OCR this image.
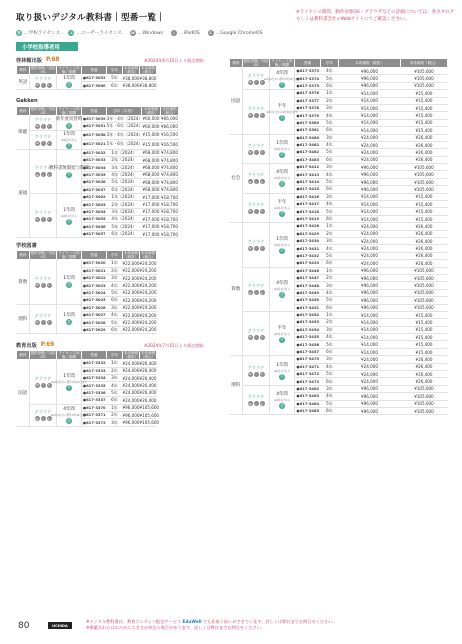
取り扱いデジタル教科書｜型番一覧｜
※ライセンス期間、動作対象OS・ブラウザなどの詳細については、各カタログもしくは教科書会社のWebサイトにてご確認ください。
学 …学校ライセンス	ユ …ユーザーライセンス	W …Windows	i …iPadOS	C …Google ChromeOS
小学校指導者用
啓林館出版 P.68	※2024年6月15日より販売開始
教科	提供形態／対応OS	ライセンス形態／期間	型番	学年	本体価格（税抜）	本体価格（税込）
英語	クラウド
W i C	1年間
学	●617-3052	5年	¥38,000	¥38,800
			●617-3060	6年	¥38,000	¥38,800
Gakken
教科	提供形態／対応OS	ライセンス形態／期間	型番	学年（年度）	本体価格（税抜）	本体価格（税込）
保健	クラウド
W i C	新年度切替時
学	●617-3039	3年・4年（2024）	¥60,000	¥66,000
			●617-3051	5年・6年（2024）	¥60,000	¥66,000

	クラウド
W i C	1年間
※4月1日から
学	●617-3058	3年・4年（2024）	¥15,000	¥16,500
			●617-3021	5年・6年（2024）	¥15,000	¥16,500
道徳	クラウド
W i C	教科書無償給与期間
学	●617-3032	1年（2024）	¥68,000	¥74,800
			●617-3033	2年（2024）	¥68,000	¥74,800
			●617-3034	3年（2024）	¥68,000	¥74,800
			●617-3035	4年（2024）	¥68,000	¥74,800
			●617-3036	5年（2024）	¥68,000	¥74,800
			●617-3037	6年（2024）	¥68,000	¥74,800

	クラウド
W i C	1年間
※4月1日から
学	●617-3002	1年（2024）	¥17,000	¥18,700
			●617-3003	2年（2024）	¥17,000	¥18,700
			●617-3054	3年（2024）	¥17,000	¥18,700
			●617-3055	4年（2024）	¥17,000	¥18,700
			●617-3056	5年（2024）	¥17,000	¥18,700
			●617-3057	6年（2024）	¥17,000	¥18,700
学校図書
教科	提供形態／対応OS	ライセンス形態／期間	型番	学年	本体価格（税抜）	本体価格（税込）
算数	クラウド
W i C	1年間
学	●617-3020	1年	¥22,000	¥24,200
			●617-3021	2年	¥22,000	¥24,200
			●617-3022	3年	¥22,000	¥24,200
			●617-3023	4年	¥22,000	¥24,200
			●617-3024	5年	¥22,000	¥24,200
			●617-3025	6年	¥22,000	¥24,200
理科	クラウド
W i C	1年間
学	●617-3026	3年	¥22,000	¥24,200
			●617-3027	4年	¥22,000	¥24,200
			●617-3028	5年	¥22,000	¥24,200
			●617-3029	6年	¥22,000	¥24,200
教育出版 P.69	※2024年7月15日より販売開始
教科	提供形態／対応OS	ライセンス形態／期間	型番	学年	本体価格（税抜）	本体価格（税込）
国語	クラウド
W i C	1年間
※4月1日から翌年3月31日まで
学	●617-3332	1年	¥24,000	¥26,400
			●617-3333	2年	¥24,000	¥26,400
			●617-3334	3年	¥24,000	¥26,400
			●617-3335	4年	¥24,000	¥26,400
			●617-3336	5年	¥24,000	¥26,400
			●617-3337	6年	¥24,000	¥26,400

	クラウド
W i C	4年間
※4月1日から翌年3月31日まで
学	●617-3370	1年	¥96,000	¥105,600
			●617-3371	2年	¥96,000	¥105,600
			●617-3372	3年	¥96,000	¥105,600
教科	提供形態／対応OS	ライセンス形態／期間	型番	学年	本体価格（税抜）	本体価格（税込）
国語	クラウド
W i C	4年間
※4月1日から翌年3月31日まで
学	●617-3373	4年	¥96,000	¥105,600
			●617-3374	5年	¥96,000	¥105,600
			●617-3375	6年	¥96,000	¥105,600

	クラウド
W i C	半年
※4月1日から9月30日まで
学	●617-3376	1年	¥14,000	¥15,400
			●617-3377	2年	¥14,000	¥15,400
			●617-3378	3年	¥14,000	¥15,400
			●617-3379	4年	¥14,000	¥15,400
			●617-3380	5年	¥14,000	¥15,400
			●617-3381	6年	¥14,000	¥15,400
社会	クラウド
W i C	1年間
※4月1日から
学	●617-3480	3年	¥24,000	¥26,400
			●617-3481	4年	¥24,000	¥26,400
			●617-3482	5年	¥24,000	¥26,400
			●617-3483	6年	¥24,000	¥26,400

	クラウド
W i C	4年間
※4月1日から
学	●617-3412	3年	¥96,000	¥105,600
			●617-3413	4年	¥96,000	¥105,600
			●617-3414	5年	¥96,000	¥105,600
			●617-3415	6年	¥96,000	¥105,600

	クラウド
W i C	半年
※4月1日から
学	●617-3416	3年	¥14,000	¥15,400
			●617-3417	4年	¥14,000	¥15,400
			●617-3418	5年	¥14,000	¥15,400
			●617-3419	6年	¥14,000	¥15,400
算数	クラウド
W i C	1年間
※4月1日から
学	●617-3428	1年	¥24,000	¥26,400
			●617-3429	2年	¥24,000	¥26,400
			●617-3430	3年	¥24,000	¥26,400
			●617-3431	4年	¥24,000	¥26,400
			●617-3432	5年	¥24,000	¥26,400
			●617-3433	6年	¥24,000	¥26,400

	クラウド
W i C	4年間
※4月1日から
学	●617-3446	1年	¥96,000	¥105,600
			●617-3447	2年	¥96,000	¥105,600
			●617-3448	3年	¥96,000	¥105,600
			●617-3449	4年	¥96,000	¥105,600
			●617-3450	5年	¥96,000	¥105,600
			●617-3451	6年	¥96,000	¥105,600

	クラウド
W i C	半年
※4月1日から
学	●617-3452	1年	¥14,000	¥15,400
			●617-3453	2年	¥14,000	¥15,400
			●617-3454	3年	¥14,000	¥15,400
			●617-3455	4年	¥14,000	¥15,400
			●617-3456	5年	¥14,000	¥15,400
			●617-3457	6年	¥14,000	¥15,400
理科	クラウド
W i C	1年間
※4月1日から
学	●617-3470	3年	¥24,000	¥26,400
			●617-3471	4年	¥24,000	¥26,400
			●617-3472	5年	¥24,000	¥26,400
			●617-3473	6年	¥24,000	¥26,400

	クラウド
W i C	4年間
※4月1日から
学	●617-3482	3年	¥96,000	¥105,600
			●617-3483	4年	¥96,000	¥105,600
			●617-3484	5年	¥96,000	¥105,600
			●617-3485	6年	¥96,000	¥105,600
80	UCHIDA
※デジタル教科書は、教育コンテンツ配信サービス EduWell でも非取り扱いができています。詳しくは弊社までお問合せください。
※掲載されたはのために大きさが異なる場合があります。詳しくは弊社までお問合せください。
